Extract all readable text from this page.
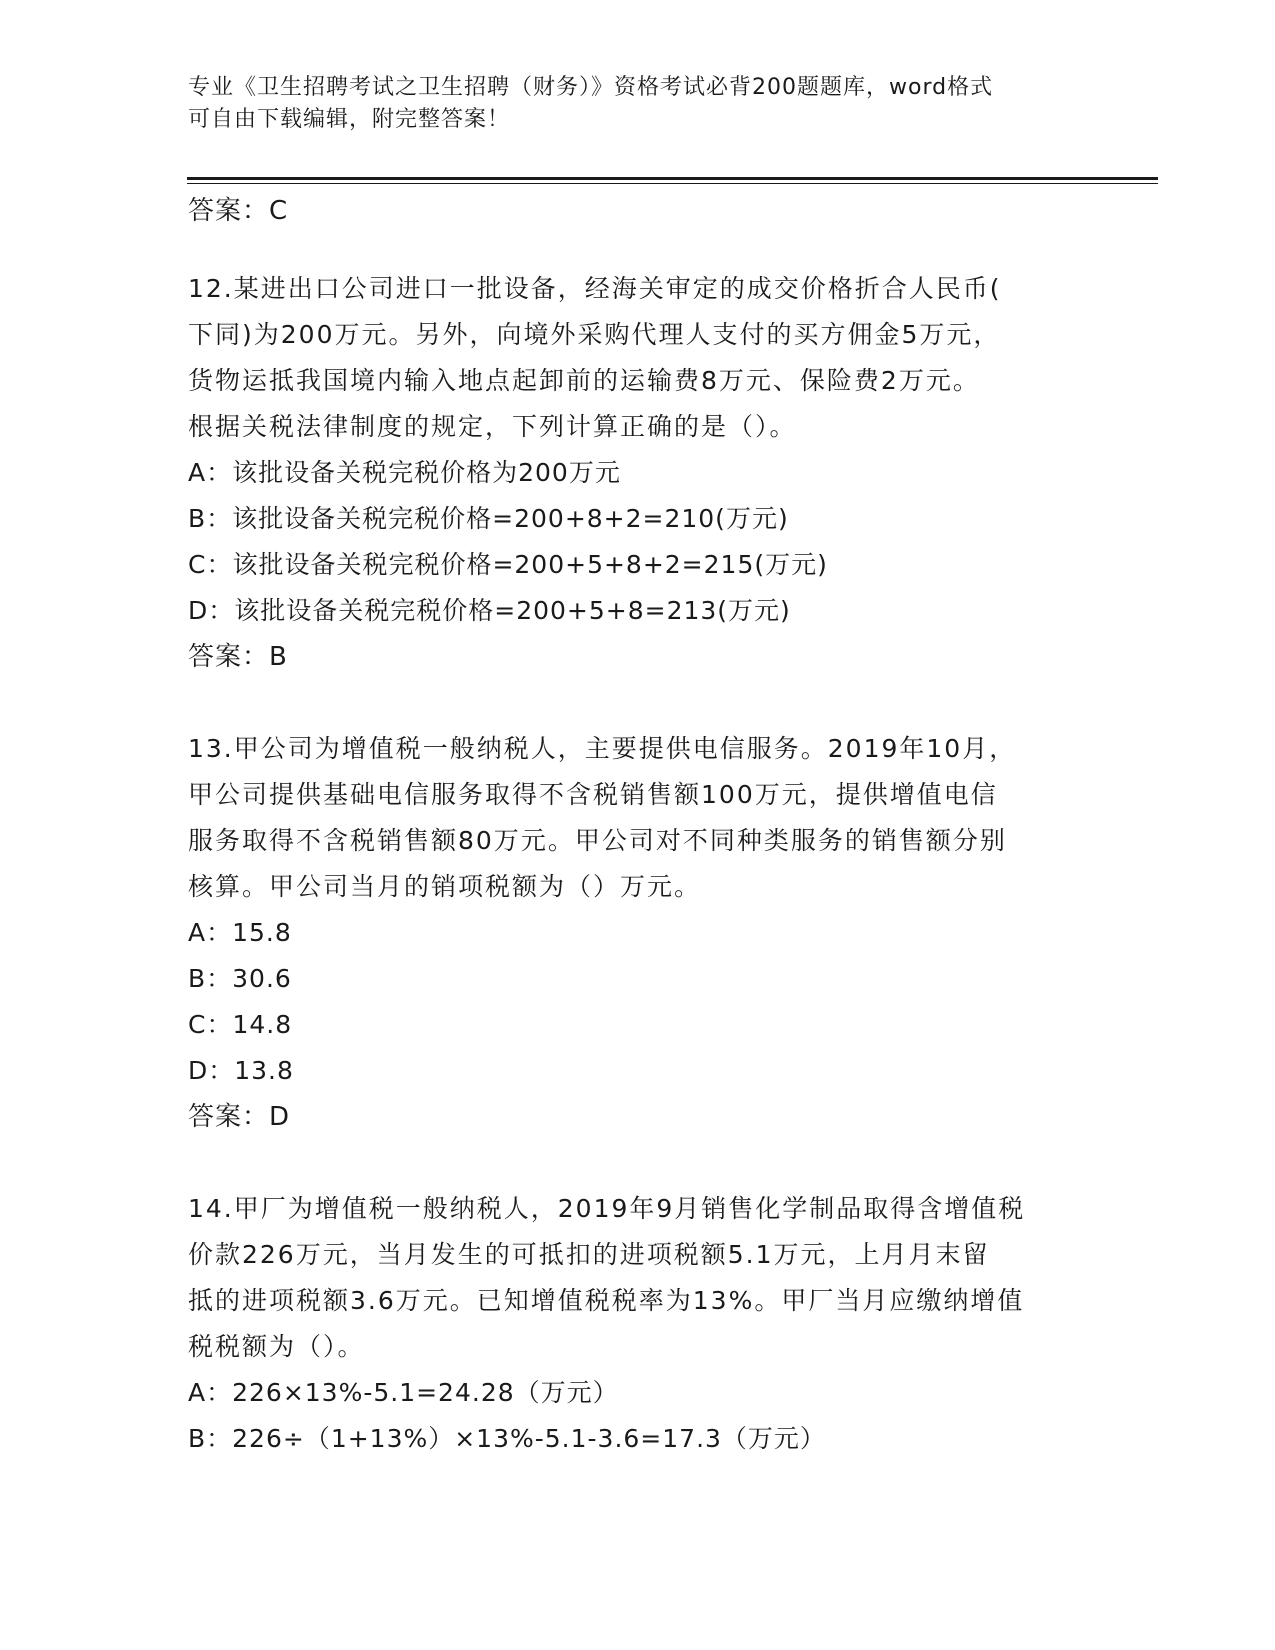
专业《卫生招聘考试之卫生招聘（财务）》资格考试必背200题题库，word格式
可自由下载编辑，附完整答案！
答案：C
12.某进出口公司进口一批设备，经海关审定的成交价格折合人民币(
下同)为200万元。另外，向境外采购代理人支付的买方佣金5万元，
货物运抵我国境内输入地点起卸前的运输费8万元、保险费2万元。
根据关税法律制度的规定，下列计算正确的是（）。
A：该批设备关税完税价格为200万元
B：该批设备关税完税价格=200+8+2=210(万元)
C：该批设备关税完税价格=200+5+8+2=215(万元)
D：该批设备关税完税价格=200+5+8=213(万元)
答案：B
13.甲公司为增值税一般纳税人，主要提供电信服务。2019年10月，
甲公司提供基础电信服务取得不含税销售额100万元，提供增值电信
服务取得不含税销售额80万元。甲公司对不同种类服务的销售额分别
核算。甲公司当月的销项税额为（）万元。
A：15.8
B：30.6
C：14.8
D：13.8
答案：D
14.甲厂为增值税一般纳税人，2019年9月销售化学制品取得含增值税
价款226万元，当月发生的可抵扣的进项税额5.1万元，上月月末留
抵的进项税额3.6万元。已知增值税税率为13%。甲厂当月应缴纳增值
税税额为（）。
A：226×13%-5.1=24.28（万元）
B：226÷（1+13%）×13%-5.1-3.6=17.3（万元）
